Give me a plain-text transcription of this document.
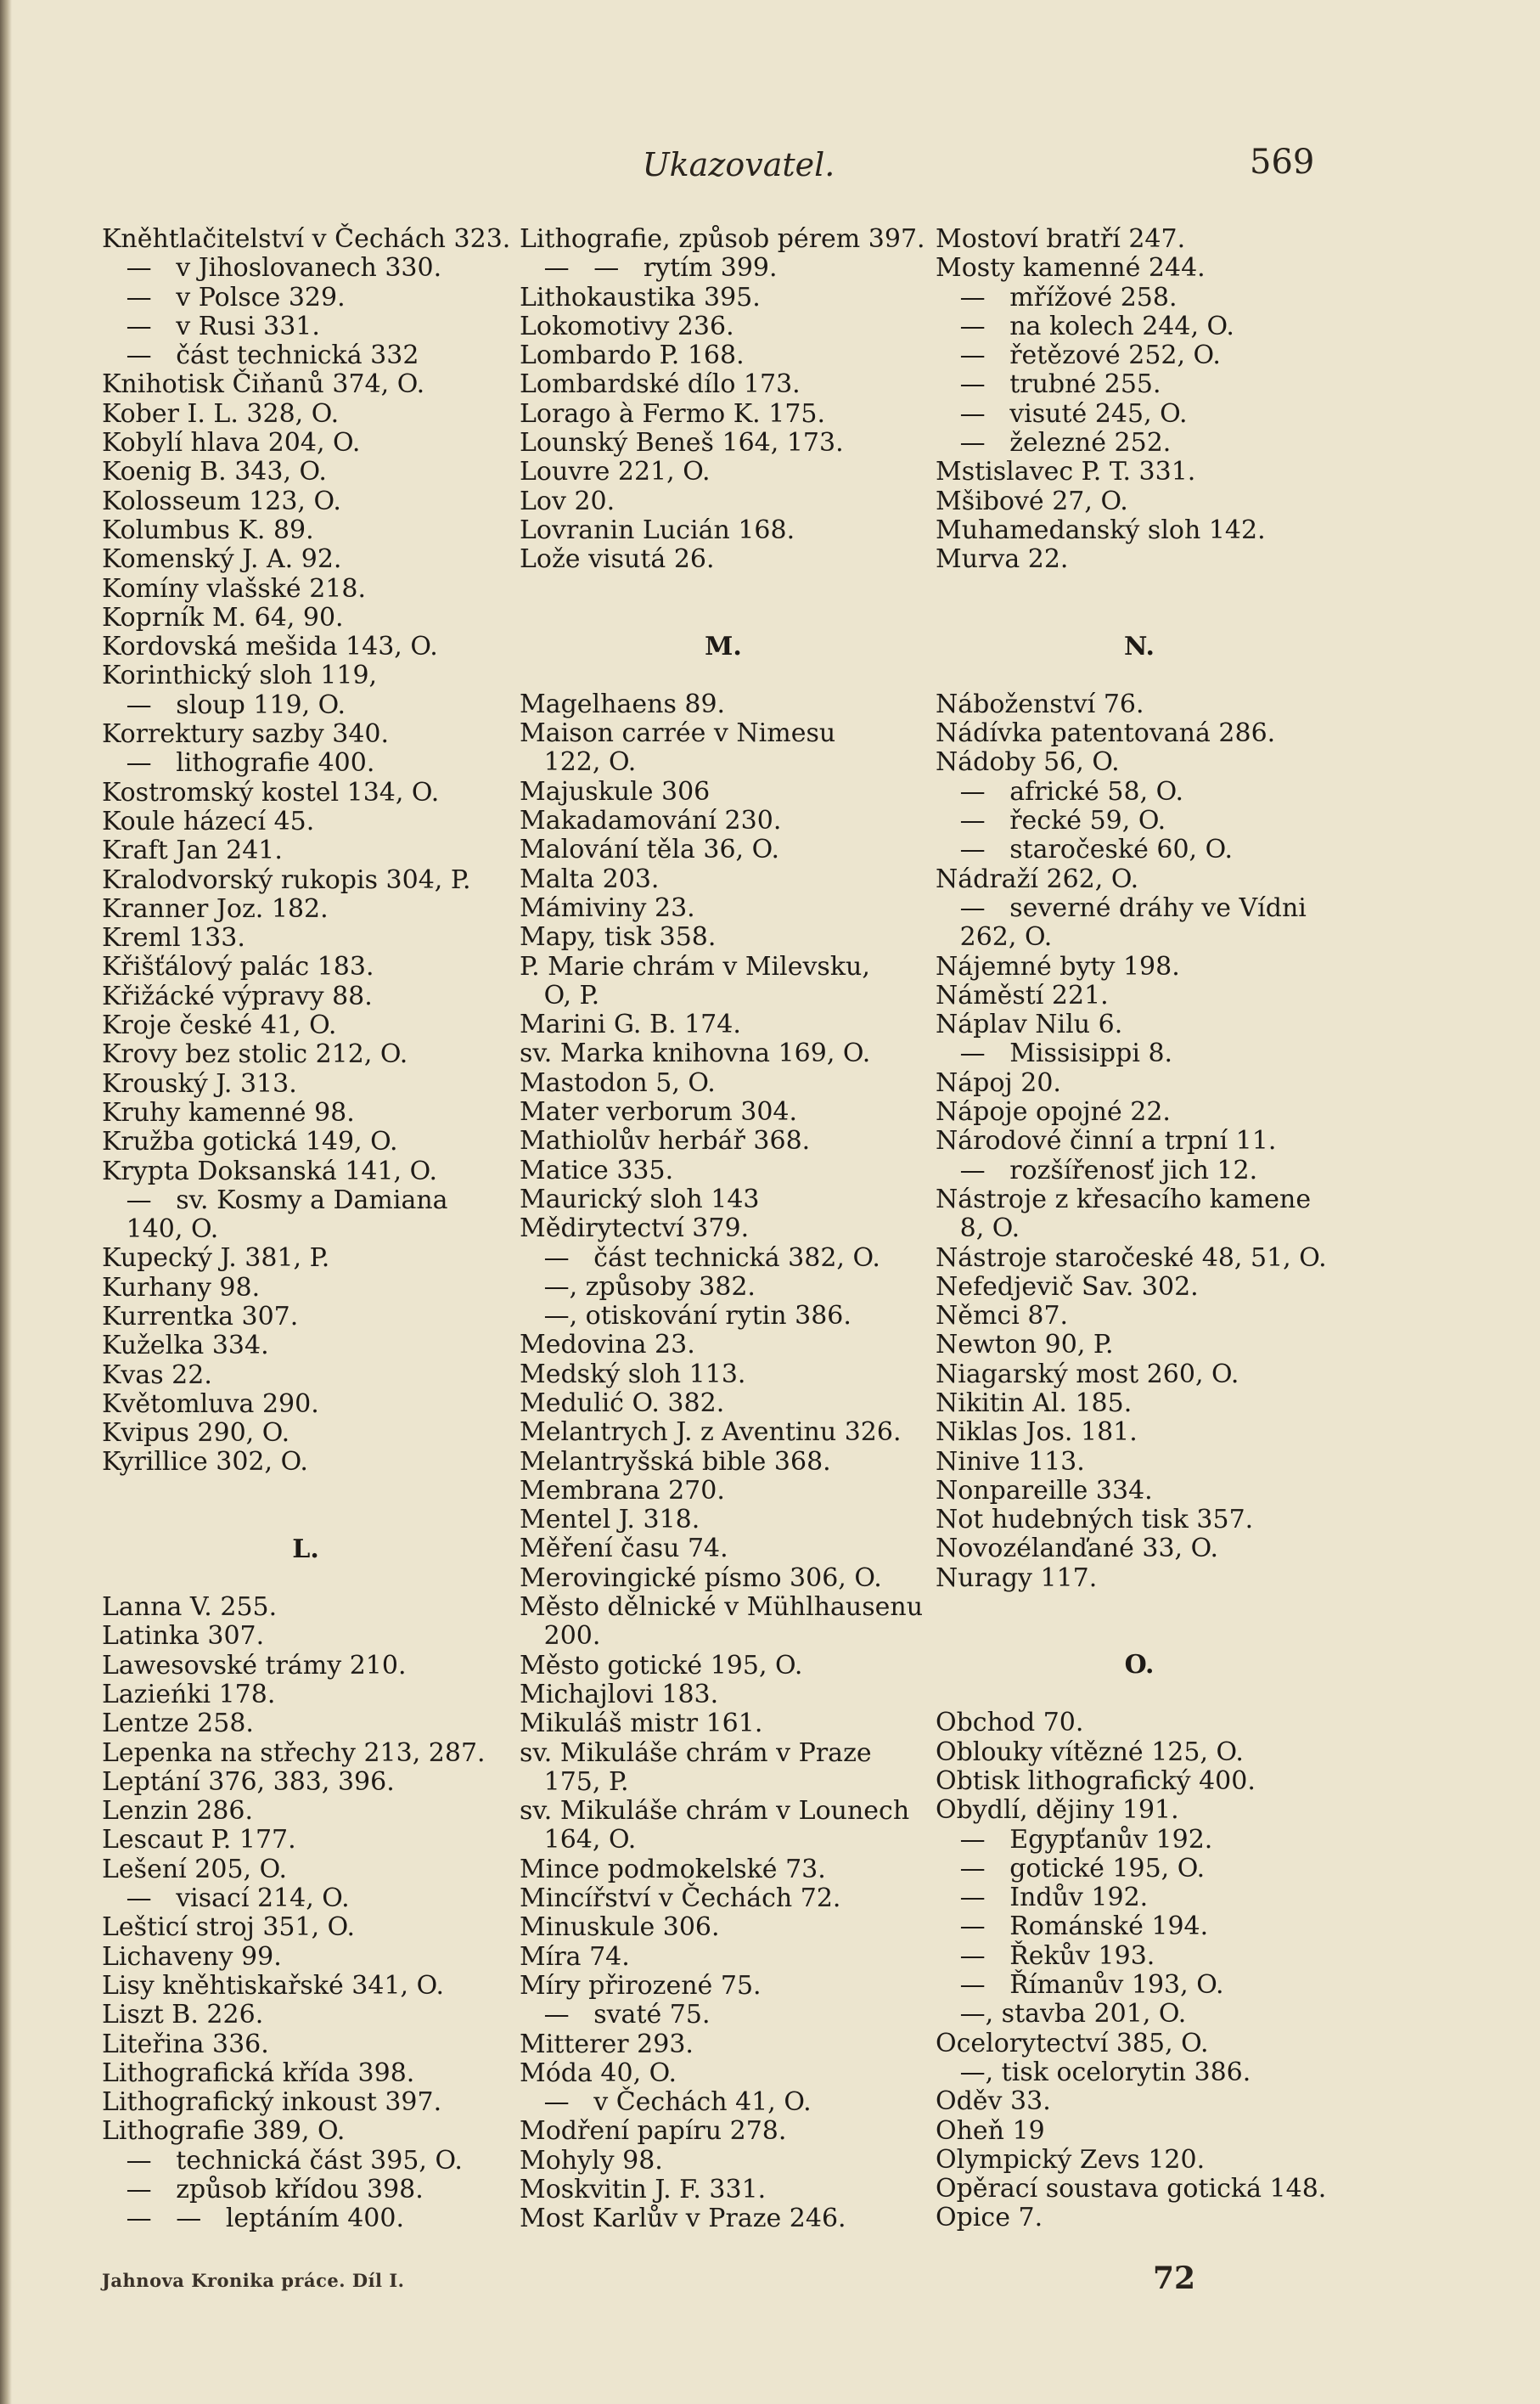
Ukazovatel.	569
Kněhtlačitelství v Čechách 323.
—   v Jihoslovanech 330.
—   v Polsce 329.
—   v Rusi 331.
—   část technická 332
Knihotisk Čiňanů 374, O.
Kober I. L. 328, O.
Kobylí hlava 204, O.
Koenig B. 343, O.
Kolosseum 123, O.
Kolumbus K. 89.
Komenský J. A. 92.
Komíny vlašské 218.
Koprník M. 64, 90.
Kordovská mešida 143, O.
Korinthický sloh 119,
—   sloup 119, O.
Korrektury sazby 340.
—   lithografie 400.
Kostromský kostel 134, O.
Koule házecí 45.
Kraft Jan 241.
Kralodvorský rukopis 304, P.
Kranner Joz. 182.
Kreml 133.
Křišťálový palác 183.
Křižácké výpravy 88.
Kroje české 41, O.
Krovy bez stolic 212, O.
Krouský J. 313.
Kruhy kamenné 98.
Kružba gotická 149, O.
Krypta Doksanská 141, O.
—   sv. Kosmy a Damiana
140, O.
Kupecký J. 381, P.
Kurhany 98.
Kurrentka 307.
Kuželka 334.
Kvas 22.
Květomluva 290.
Kvipus 290, O.
Kyrillice 302, O.
L.
Lanna V. 255.
Latinka 307.
Lawesovské trámy 210.
Lazieńki 178.
Lentze 258.
Lepenka na střechy 213, 287.
Leptání 376, 383, 396.
Lenzin 286.
Lescaut P. 177.
Lešení 205, O.
—   visací 214, O.
Lešticí stroj 351, O.
Lichaveny 99.
Lisy kněhtiskařské 341, O.
Liszt B. 226.
Liteřina 336.
Lithografická křída 398.
Lithografický inkoust 397.
Lithografie 389, O.
—   technická část 395, O.
—   způsob křídou 398.
—   —   leptáním 400.
Lithografie, způsob pérem 397.
—   —   rytím 399.
Lithokaustika 395.
Lokomotivy 236.
Lombardo P. 168.
Lombardské dílo 173.
Lorago à Fermo K. 175.
Lounský Beneš 164, 173.
Louvre 221, O.
Lov 20.
Lovranin Lucián 168.
Lože visutá 26.
M.
Magelhaens 89.
Maison carrée v Nimesu
122, O.
Majuskule 306
Makadamování 230.
Malování těla 36, O.
Malta 203.
Mámiviny 23.
Mapy, tisk 358.
P. Marie chrám v Milevsku,
O, P.
Marini G. B. 174.
sv. Marka knihovna 169, O.
Mastodon 5, O.
Mater verborum 304.
Mathiolův herbář 368.
Matice 335.
Maurický sloh 143
Mědirytectví 379.
—   část technická 382, O.
—, způsoby 382.
—, otiskování rytin 386.
Medovina 23.
Medský sloh 113.
Medulić O. 382.
Melantrych J. z Aventinu 326.
Melantryšská bible 368.
Membrana 270.
Mentel J. 318.
Měření času 74.
Merovingické písmo 306, O.
Město dělnické v Mühlhausenu
200.
Město gotické 195, O.
Michajlovi 183.
Mikuláš mistr 161.
sv. Mikuláše chrám v Praze
175, P.
sv. Mikuláše chrám v Lounech
164, O.
Mince podmokelské 73.
Mincířství v Čechách 72.
Minuskule 306.
Míra 74.
Míry přirozené 75.
—   svaté 75.
Mitterer 293.
Móda 40, O.
—   v Čechách 41, O.
Modření papíru 278.
Mohyly 98.
Moskvitin J. F. 331.
Most Karlův v Praze 246.
Mostoví bratří 247.
Mosty kamenné 244.
—   mřížové 258.
—   na kolech 244, O.
—   řetězové 252, O.
—   trubné 255.
—   visuté 245, O.
—   železné 252.
Mstislavec P. T. 331.
Mšibové 27, O.
Muhamedanský sloh 142.
Murva 22.
N.
Náboženství 76.
Nádívka patentovaná 286.
Nádoby 56, O.
—   africké 58, O.
—   řecké 59, O.
—   staročeské 60, O.
Nádraží 262, O.
—   severné dráhy ve Vídni
262, O.
Nájemné byty 198.
Náměstí 221.
Náplav Nilu 6.
—   Missisippi 8.
Nápoj 20.
Nápoje opojné 22.
Národové činní a trpní 11.
—   rozšířenosť jich 12.
Nástroje z křesacího kamene
8, O.
Nástroje staročeské 48, 51, O.
Nefedjevič Sav. 302.
Němci 87.
Newton 90, P.
Niagarský most 260, O.
Nikitin Al. 185.
Niklas Jos. 181.
Ninive 113.
Nonpareille 334.
Not hudebných tisk 357.
Novozélanďané 33, O.
Nuragy 117.
O.
Obchod 70.
Oblouky vítězné 125, O.
Obtisk lithografický 400.
Obydlí, dějiny 191.
—   Egypťanův 192.
—   gotické 195, O.
—   Indův 192.
—   Románské 194.
—   Řekův 193.
—   Římanův 193, O.
—, stavba 201, O.
Ocelorytectví 385, O.
—, tisk ocelorytin 386.
Oděv 33.
Oheň 19
Olympický Zevs 120.
Opěrací soustava gotická 148.
Opice 7.
Jahnova Kronika práce. Díl I.	72
